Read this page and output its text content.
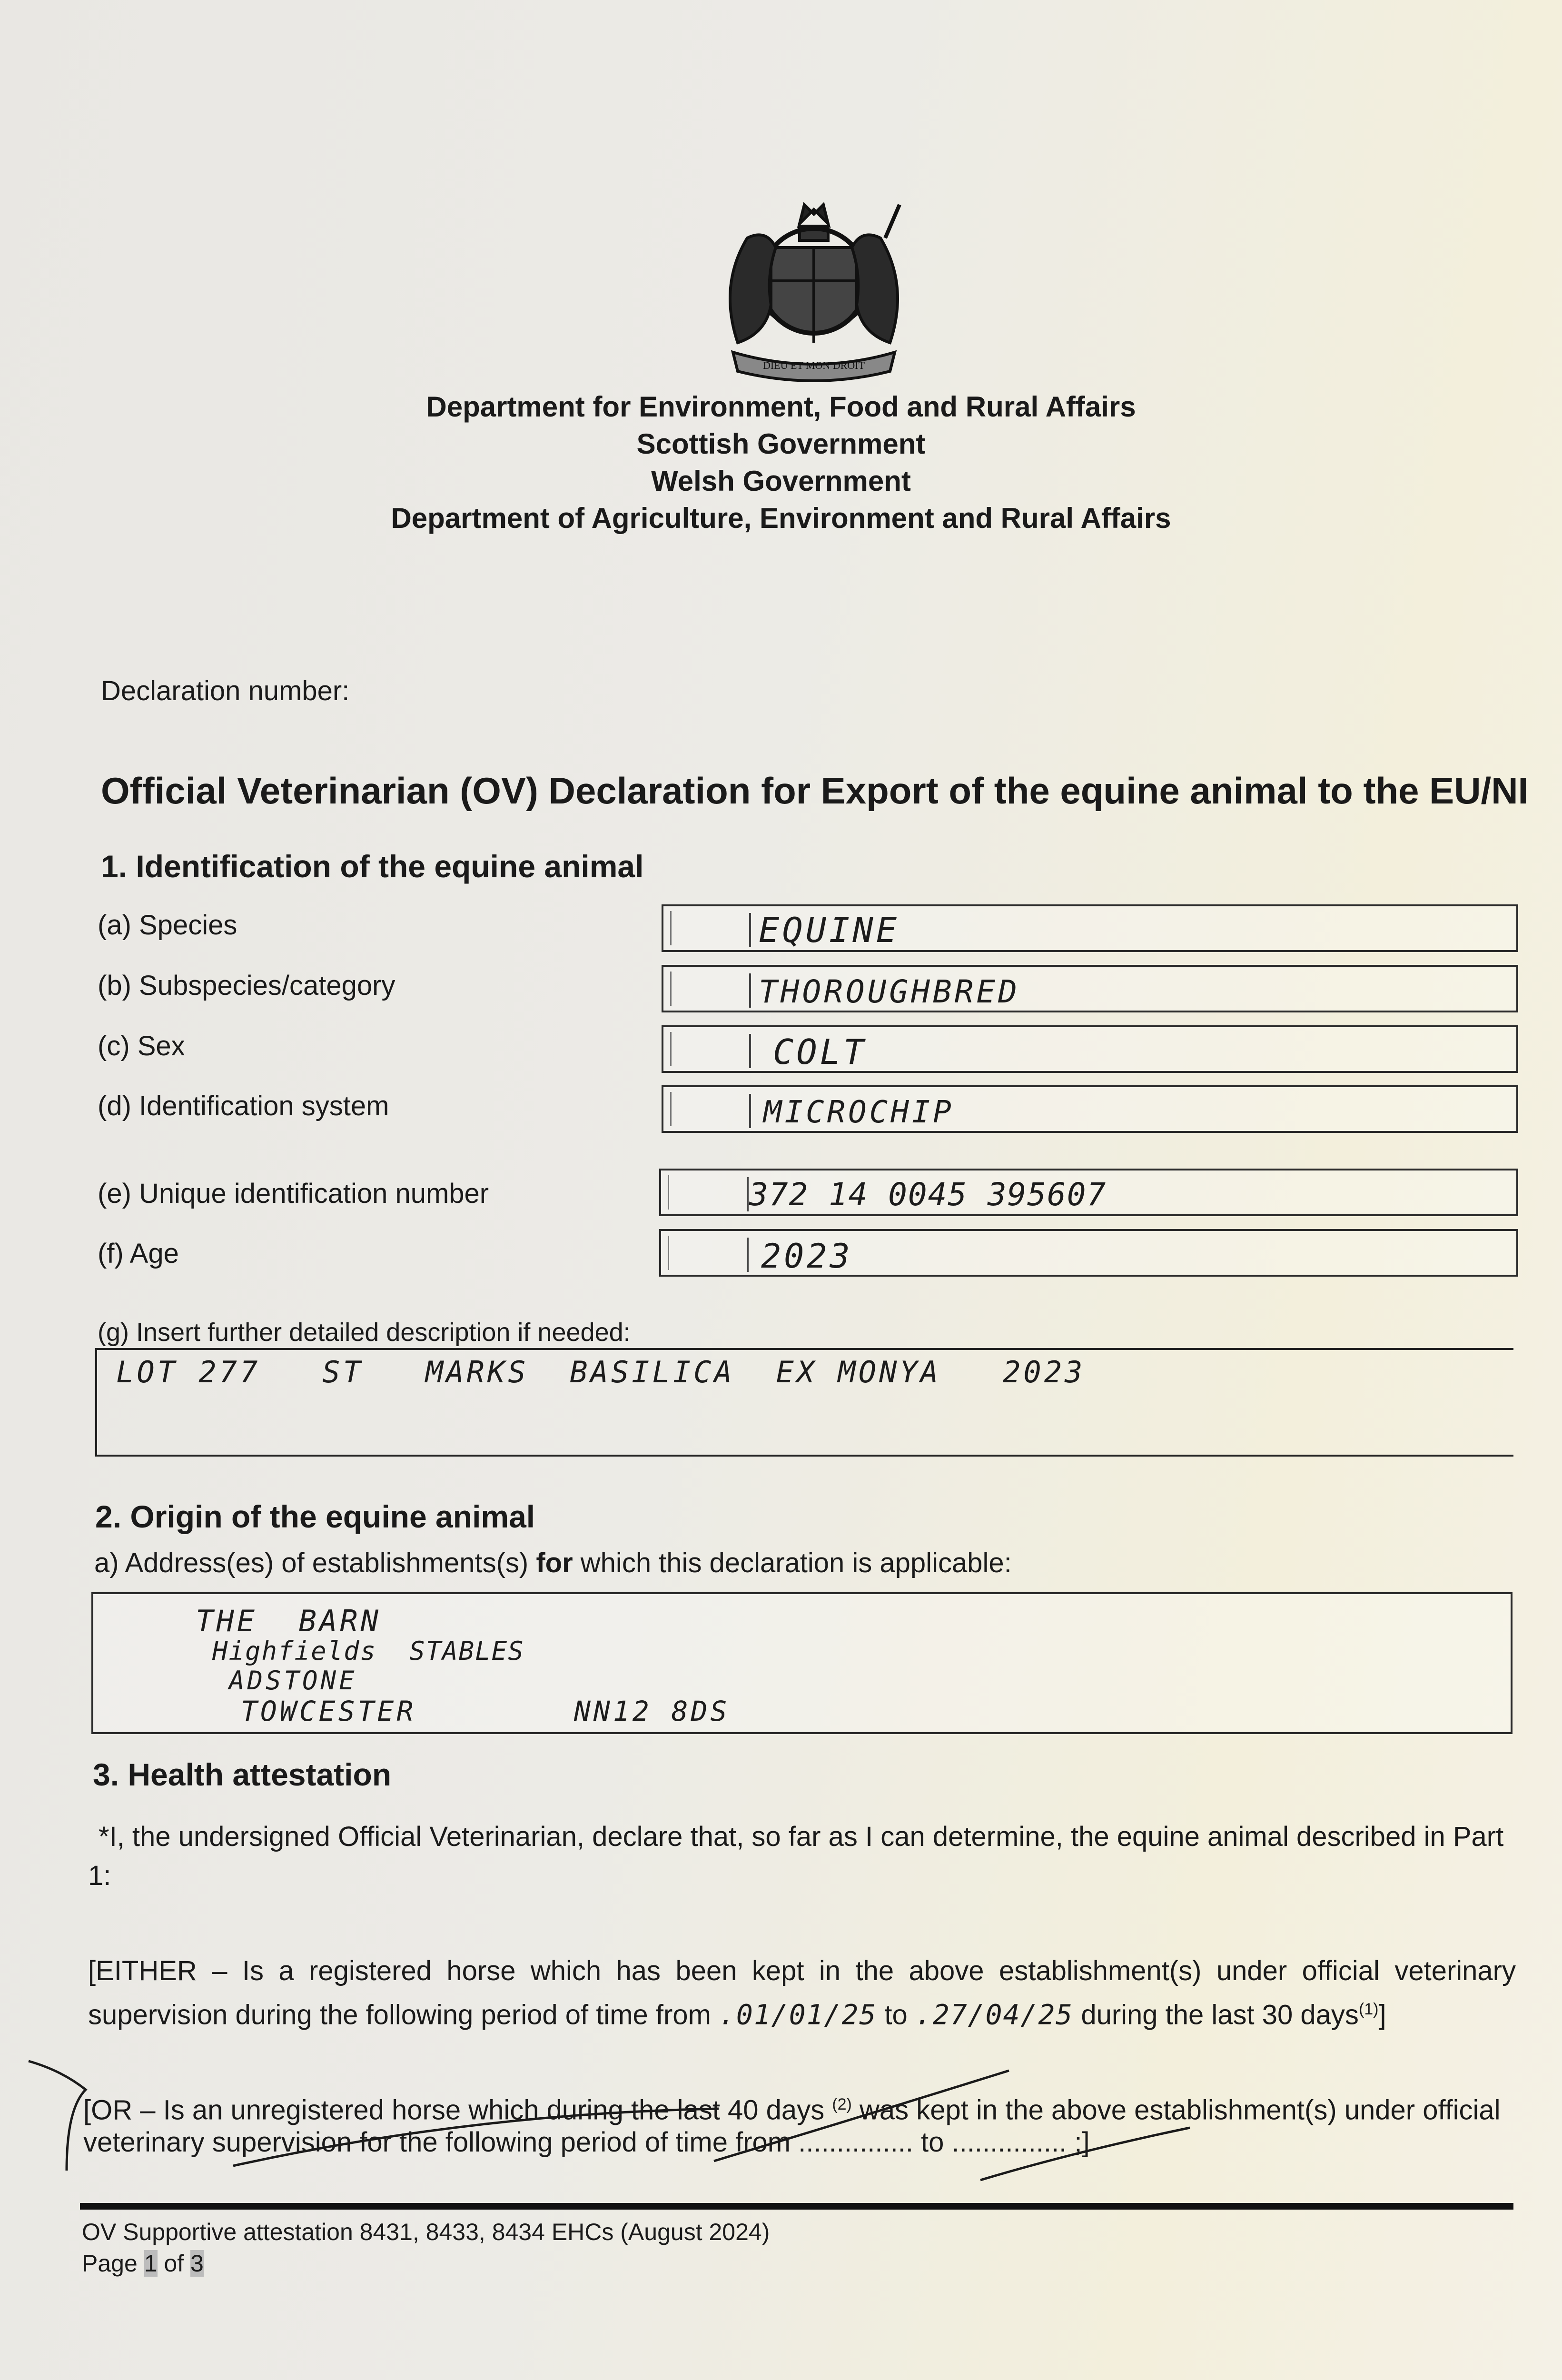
DIEU ET MON DROIT
Department for Environment, Food and Rural Affairs
Scottish Government
Welsh Government
Department of Agriculture, Environment and Rural Affairs
Declaration number:
Official Veterinarian (OV) Declaration for Export of the equine animal to the EU/NI
1. Identification of the equine animal
(a) Species	EQUINE
(b) Subspecies/category	THOROUGHBRED
(c) Sex	COLT
(d) Identification system	MICROCHIP
(e) Unique identification number	372 14 0045 395607
(f) Age	2023
(g) Insert further detailed description if needed:
LOT 277   ST   MARKS  BASILICA  EX MONYA   2023
2. Origin of the equine animal
a) Address(es) of establishments(s) for which this declaration is applicable:
THE  BARN
Highfields  STABLES
ADSTONE
TOWCESTER	NN12 8DS
3. Health attestation
*I, the undersigned Official Veterinarian, declare that, so far as I can determine, the equine animal described in Part 1:
[EITHER – Is a registered horse which has been kept in the above establishment(s) under official veterinary
supervision during the following period of time from .01/01/25 to .27/04/25 during the last 30 days$^{(1)}$]
[OR – Is an unregistered horse which during the last 40 days $^{(2)}$ was kept in the above establishment(s) under official
veterinary supervision for the following period of time from ............... to ............... ;]
OV Supportive attestation 8431, 8433, 8434 EHCs (August 2024)
Page 1 of 3
